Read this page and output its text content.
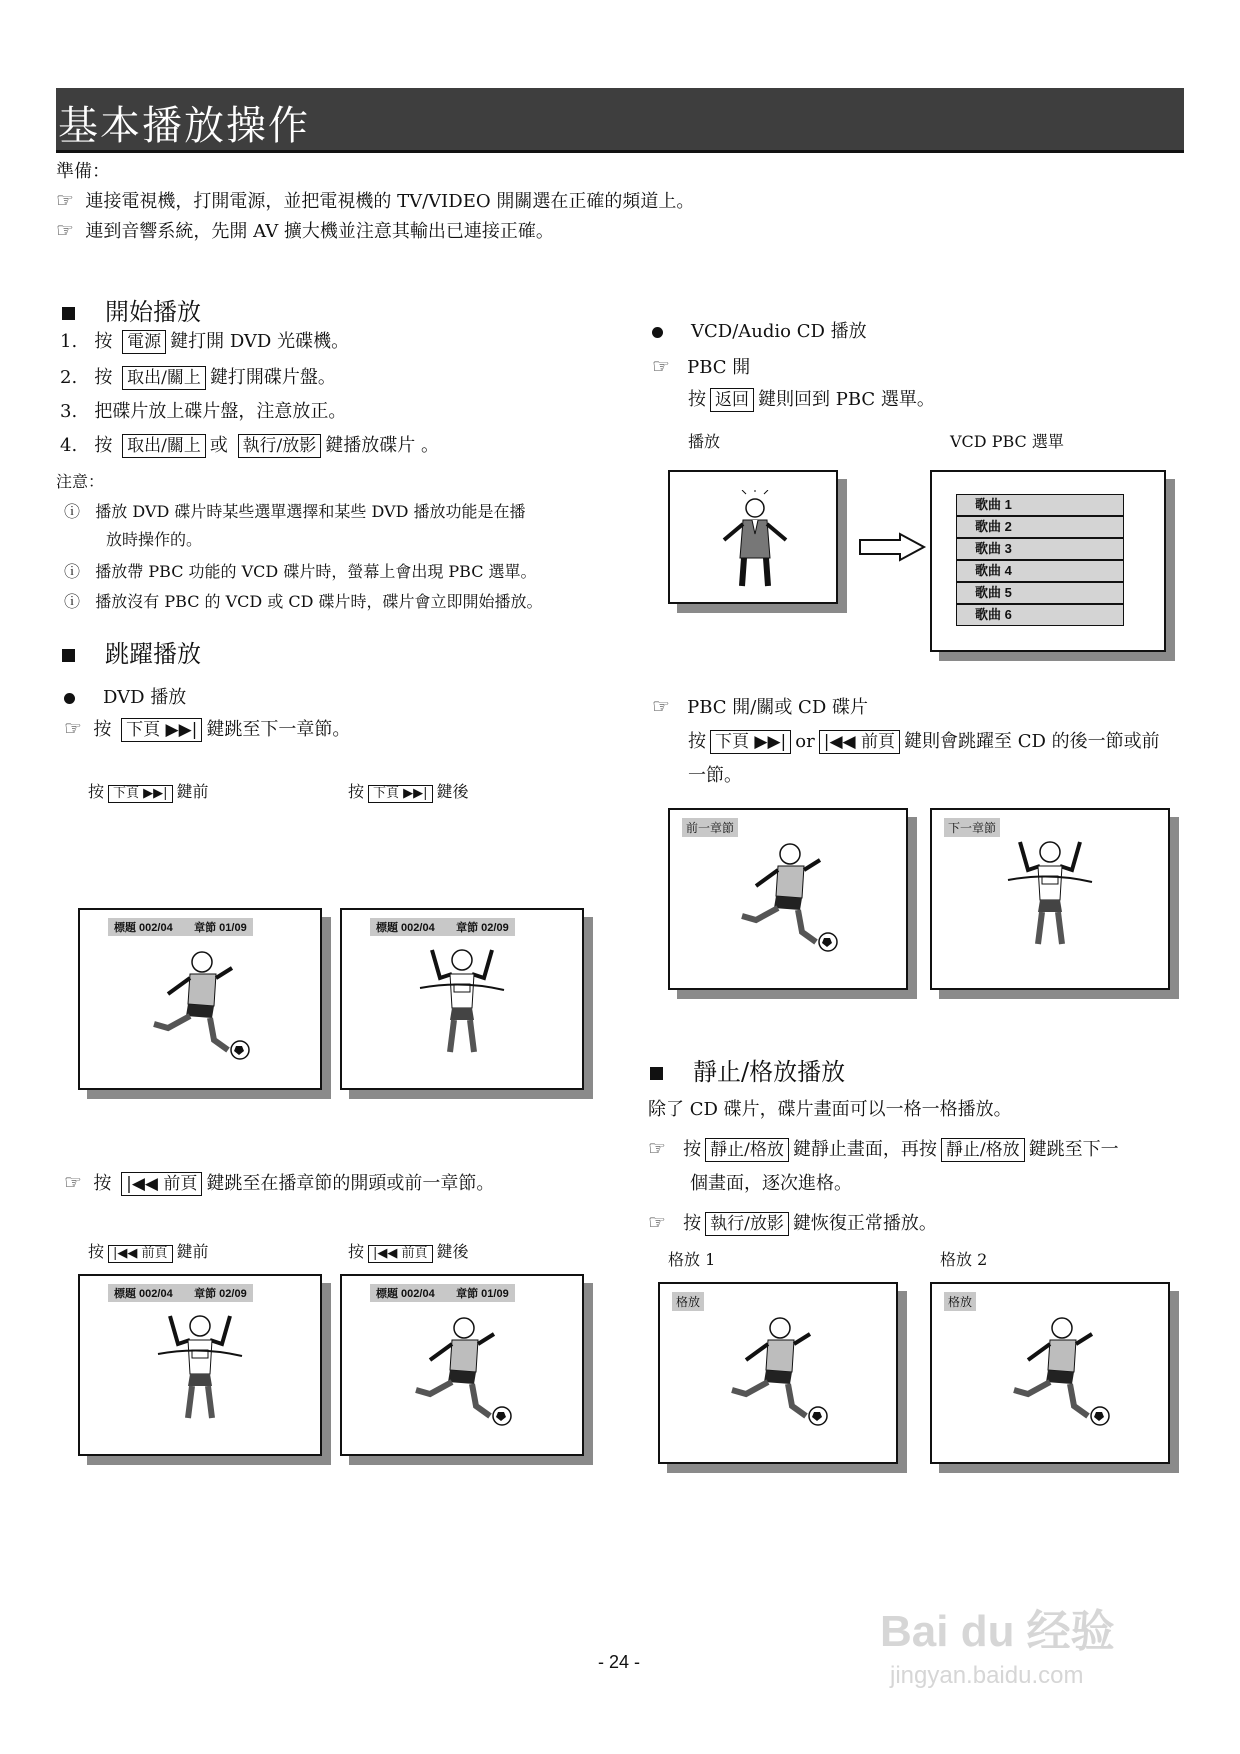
基本播放操作
準備：
☞ 連接電視機，打開電源，並把電視機的 TV/VIDEO 開關選在正確的頻道上。
☞ 連到音響系統，先開 AV 擴大機並注意其輸出已連接正確。
開始播放
1. 按 電源 鍵打開 DVD 光碟機。
2. 按 取出/關上 鍵打開碟片盤。
3. 把碟片放上碟片盤，注意放正。
4. 按 取出/關上 或 執行/放影 鍵播放碟片 。
注意：
ⓘ 播放 DVD 碟片時某些選單選擇和某些 DVD 播放功能是在播
放時操作的。
ⓘ 播放帶 PBC 功能的 VCD 碟片時，螢幕上會出現 PBC 選單。
ⓘ 播放沒有 PBC 的 VCD 或 CD 碟片時，碟片會立即開始播放。
跳躍播放
DVD 播放
☞ 按 下頁 ▶▶| 鍵跳至下一章節。
按 下頁 ▶▶| 鍵前	按 下頁 ▶▶| 鍵後
標題 002/04 章節 01/09	標題 002/04 章節 02/09
☞ 按 |◀◀ 前頁 鍵跳至在播章節的開頭或前一章節。
按 |◀◀ 前頁 鍵前	按 |◀◀ 前頁 鍵後
標題 002/04 章節 02/09	標題 002/04 章節 01/09
VCD/Audio CD 播放
☞ PBC 開
按 返回 鍵則回到 PBC 選單。
播放	VCD PBC 選單
歌曲 1
歌曲 2
歌曲 3
歌曲 4
歌曲 5
歌曲 6
☞ PBC 開/關或 CD 碟片
按 下頁 ▶▶| or |◀◀ 前頁 鍵則會跳躍至 CD 的後一節或前
一節。
前一章節	下一章節
靜止/格放播放
除了 CD 碟片，碟片畫面可以一格一格播放。
☞ 按 靜止/格放 鍵靜止畫面，再按 靜止/格放 鍵跳至下一
個畫面，逐次進格。
☞ 按 執行/放影 鍵恢復正常播放。
格放 1	格放 2
格放	格放
- 24 -
Bai du 经验
jingyan.baidu.com
